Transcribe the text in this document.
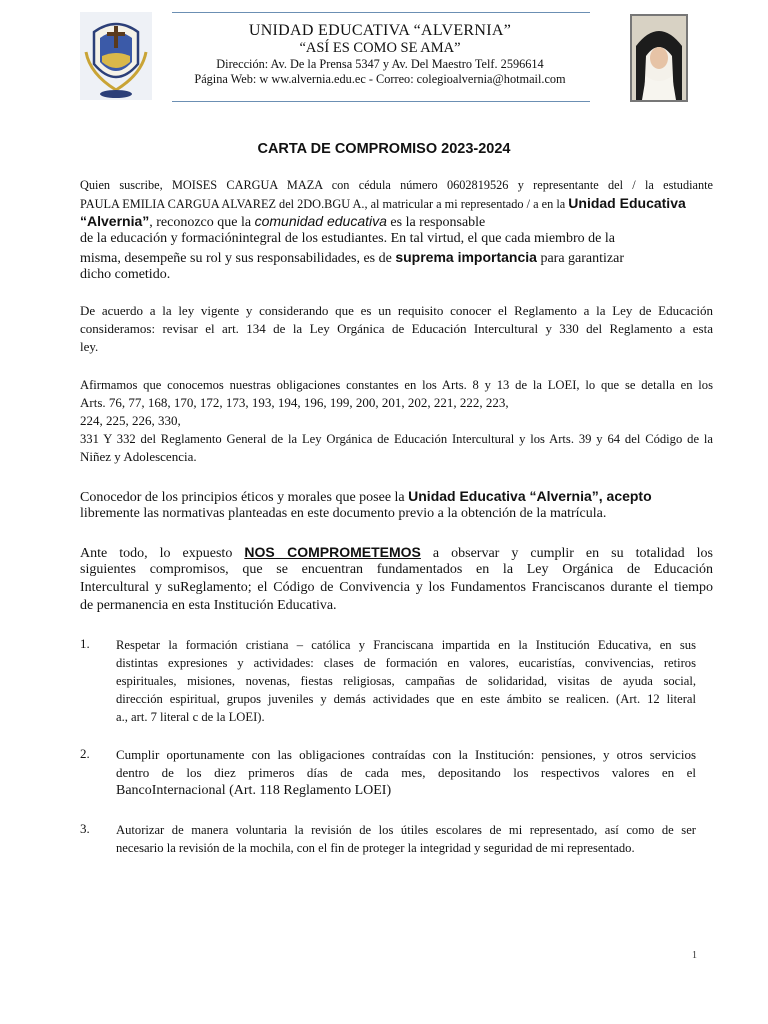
UNIDAD EDUCATIVA “ALVERNIA”
“ASÍ ES COMO SE AMA”
Dirección: Av. De la Prensa 5347 y Av. Del Maestro Telf. 2596614
Página Web: w ww.alvernia.edu.ec - Correo: colegioalvernia@hotmail.com
CARTA DE COMPROMISO 2023-2024
Quien suscribe, MOISES CARGUA MAZA con cédula número 0602819526 y representante del / la estudiante
PAULA EMILIA CARGUA ALVAREZ del 2DO.BGU A., al matricular a mi representado / a en la Unidad Educativa
“Alvernia”, reconozco que la comunidad educativa es la responsable
de la educación y formaciónintegral de los estudiantes. En tal virtud, el que cada miembro de la
misma, desempeñe su rol y sus responsabilidades, es de suprema importancia para garantizar
dicho cometido.
De acuerdo a la ley vigente y considerando que es un requisito conocer el Reglamento a la Ley de Educación
consideramos: revisar el art. 134 de la Ley Orgánica de Educación Intercultural y 330 del Reglamento a esta
ley.
Afirmamos que conocemos nuestras obligaciones constantes en los Arts. 8 y 13 de la LOEI, lo que se detalla en los
Arts. 76, 77, 168, 170, 172, 173, 193, 194, 196, 199, 200, 201, 202, 221, 222, 223,
224, 225, 226, 330,
331 Y 332 del Reglamento General de la Ley Orgánica de Educación Intercultural y los Arts. 39 y 64 del Código de la
Niñez y Adolescencia.
Conocedor de los principios éticos y morales que posee la Unidad Educativa “Alvernia”, acepto
libremente las normativas planteadas en este documento previo a la obtención de la matrícula.
Ante todo, lo expuesto NOS COMPROMETEMOS a observar y cumplir en su totalidad los
siguientes compromisos, que se encuentran fundamentados en la Ley Orgánica de Educación
Intercultural y suReglamento; el Código de Convivencia y los Fundamentos Franciscanos durante el tiempo
de permanencia en esta Institución Educativa.
1. Respetar la formación cristiana – católica y Franciscana impartida en la Institución Educativa, en sus
distintas expresiones y actividades: clases de formación en valores, eucaristías, convivencias, retiros
espirituales, misiones, novenas, fiestas religiosas, campañas de solidaridad, visitas de ayuda social,
dirección espiritual, grupos juveniles y demás actividades que en este ámbito se realicen. (Art. 12 literal
a., art. 7 literal c de la LOEI).
2. Cumplir oportunamente con las obligaciones contraídas con la Institución: pensiones, y otros servicios
dentro de los diez primeros días de cada mes, depositando los respectivos valores en el
BancoInternacional (Art. 118 Reglamento LOEI)
3. Autorizar de manera voluntaria la revisión de los útiles escolares de mi representado, así como de ser
necesario la revisión de la mochila, con el fin de proteger la integridad y seguridad de mi representado.
1
